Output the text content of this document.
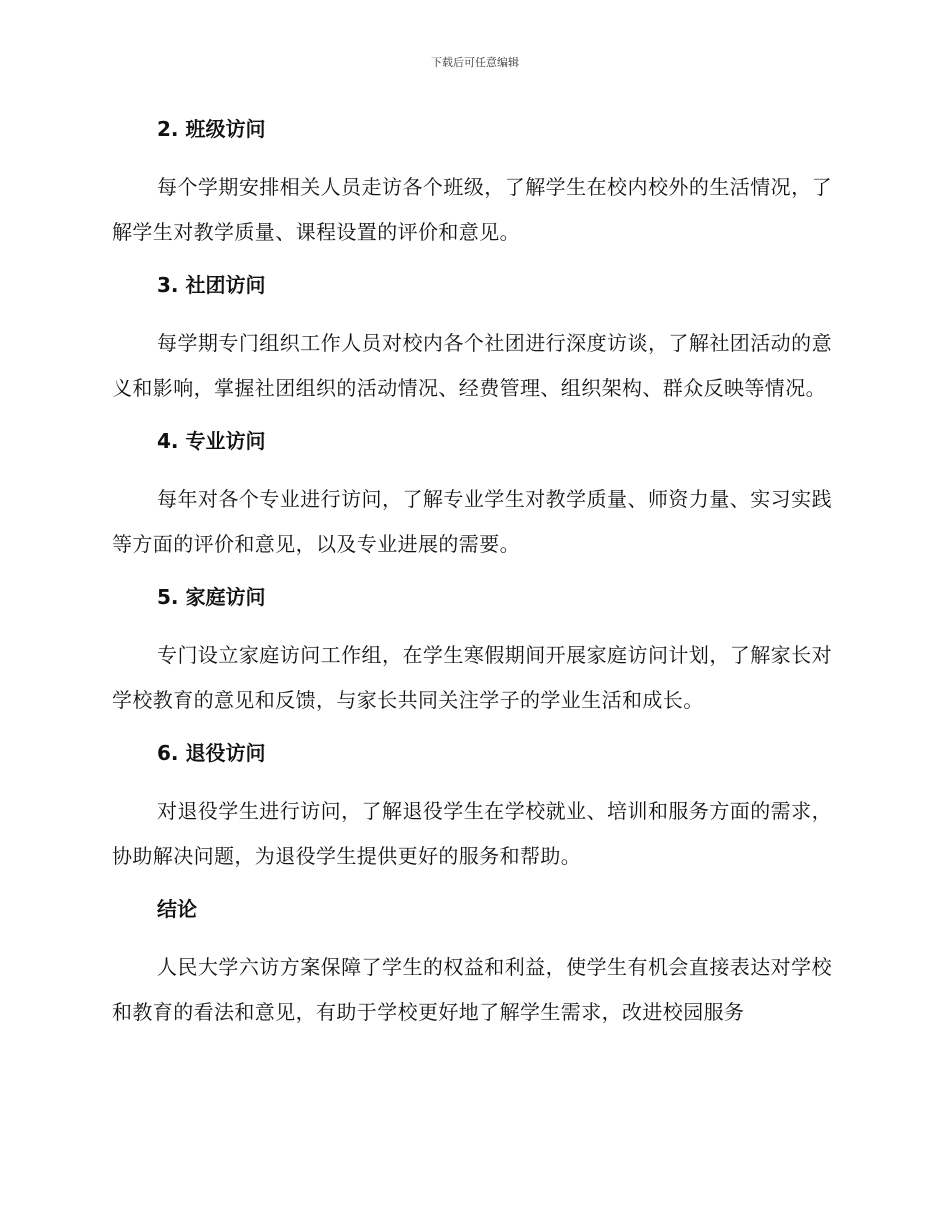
下载后可任意编辑
2. 班级访问

每个学期安排相关人员走访各个班级，了解学生在校内校外的生活情况，了解学生对教学质量、课程设置的评价和意见。

3. 社团访问

每学期专门组织工作人员对校内各个社团进行深度访谈，了解社团活动的意义和影响，掌握社团组织的活动情况、经费管理、组织架构、群众反映等情况。

4. 专业访问

每年对各个专业进行访问，了解专业学生对教学质量、师资力量、实习实践等方面的评价和意见，以及专业进展的需要。

5. 家庭访问

专门设立家庭访问工作组，在学生寒假期间开展家庭访问计划，了解家长对学校教育的意见和反馈，与家长共同关注学子的学业生活和成长。

6. 退役访问

对退役学生进行访问，了解退役学生在学校就业、培训和服务方面的需求，协助解决问题，为退役学生提供更好的服务和帮助。

结论

人民大学六访方案保障了学生的权益和利益，使学生有机会直接表达对学校和教育的看法和意见，有助于学校更好地了解学生需求，改进校园服务
